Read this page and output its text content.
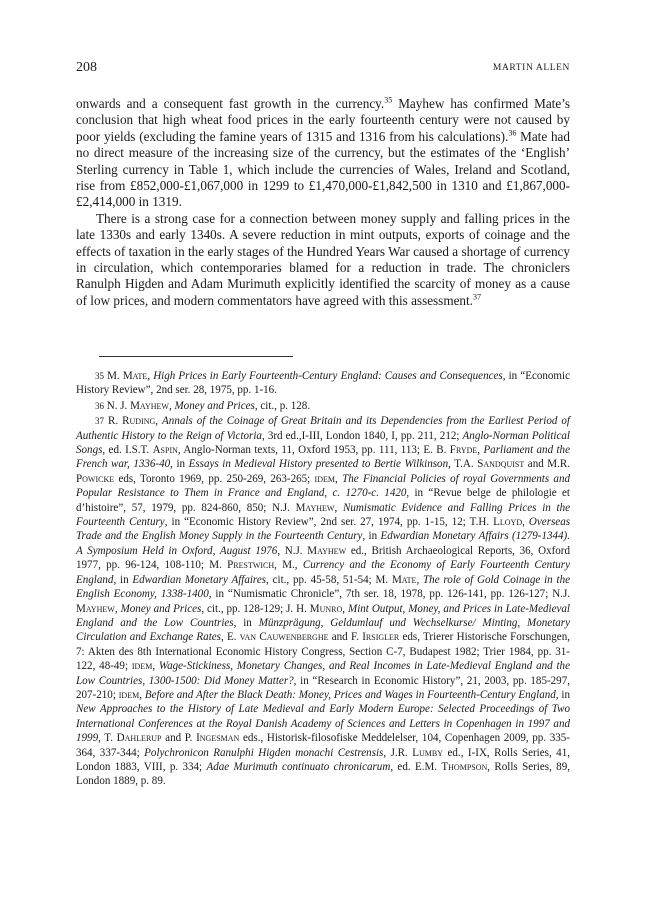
208	MARTIN ALLEN

onwards and a consequent fast growth in the currency.$^{35}$ Mayhew has confirmed Mate’s conclusion that high wheat food prices in the early fourteenth century were not caused by poor yields (excluding the famine years of 1315 and 1316 from his calculations).$^{36}$ Mate had no direct measure of the increasing size of the currency, but the estimates of the ‘English’ Sterling currency in Table 1, which include the currencies of Wales, Ireland and Scotland, rise from £852,000-£1,067,000 in 1299 to £1,470,000-£1,842,500 in 1310 and £1,867,000-£2,414,000 in 1319.

There is a strong case for a connection between money supply and falling prices in the late 1330s and early 1340s. A severe reduction in mint outputs, exports of coinage and the effects of taxation in the early stages of the Hundred Years War caused a shortage of currency in circulation, which contemporaries blamed for a reduction in trade. The chroniclers Ranulph Higden and Adam Murimuth explicitly identified the scarcity of money as a cause of low prices, and modern commentators have agreed with this assessment.$^{37}$

35 M. Mate, High Prices in Early Fourteenth-Century England: Causes and Consequences, in “Economic History Review”, 2nd ser. 28, 1975, pp. 1-16.

36 N. J. Mayhew, Money and Prices, cit., p. 128.

37 R. Ruding, Annals of the Coinage of Great Britain and its Dependencies from the Earliest Period of Authentic History to the Reign of Victoria, 3rd ed.,I-III, London 1840, I, pp. 211, 212; Anglo-Norman Political Songs, ed. I.S.T. Aspin, Anglo-Norman texts, 11, Oxford 1953, pp. 111, 113; E. B. Fryde, Parliament and the French war, 1336-40, in Essays in Medieval History presented to Bertie Wilkinson, T.A. Sandquist and M.R. Powicke eds, Toronto 1969, pp. 250-269, 263-265; idem, The Financial Policies of royal Governments and Popular Resistance to Them in France and England, c. 1270-c. 1420, in “Revue belge de philologie et d’histoire”, 57, 1979, pp. 824-860, 850; N.J. Mayhew, Numismatic Evidence and Falling Prices in the Fourteenth Century, in “Economic History Review”, 2nd ser. 27, 1974, pp. 1-15, 12; T.H. Lloyd, Overseas Trade and the English Money Supply in the Fourteenth Century, in Edwardian Monetary Affairs (1279-1344). A Symposium Held in Oxford, August 1976, N.J. Mayhew ed., British Archaeological Reports, 36, Oxford 1977, pp. 96-124, 108-110; M. Prestwich, M., Currency and the Economy of Early Fourteenth Century England, in Edwardian Monetary Affaires, cit., pp. 45-58, 51-54; M. Mate, The role of Gold Coinage in the English Economy, 1338-1400, in “Numismatic Chronicle”, 7th ser. 18, 1978, pp. 126-141, pp. 126-127; N.J. Mayhew, Money and Prices, cit., pp. 128-129; J. H. Munro, Mint Output, Money, and Prices in Late-Medieval England and the Low Countries, in Münzprägung, Geldumlauf und Wechselkurse/ Minting, Monetary Circulation and Exchange Rates, E. van Cauwenberghe and F. Irsigler eds, Trierer Historische Forschungen, 7: Akten des 8th International Economic History Congress, Section C-7, Budapest 1982; Trier 1984, pp. 31-122, 48-49; idem, Wage-Stickiness, Monetary Changes, and Real Incomes in Late-Medieval England and the Low Countries, 1300-1500: Did Money Matter?, in “Research in Economic History”, 21, 2003, pp. 185-297, 207-210; idem, Before and After the Black Death: Money, Prices and Wages in Fourteenth-Century England, in New Approaches to the History of Late Medieval and Early Modern Europe: Selected Proceedings of Two International Conferences at the Royal Danish Academy of Sciences and Letters in Copenhagen in 1997 and 1999, T. Dahlerup and P. Ingesman eds., Historisk-filosofiske Meddelelser, 104, Copenhagen 2009, pp. 335-364, 337-344; Polychronicon Ranulphi Higden monachi Cestrensis, J.R. Lumby ed., I-IX, Rolls Series, 41, London 1883, VIII, p. 334; Adae Murimuth continuato chronicarum, ed. E.M. Thompson, Rolls Series, 89, London 1889, p. 89.
